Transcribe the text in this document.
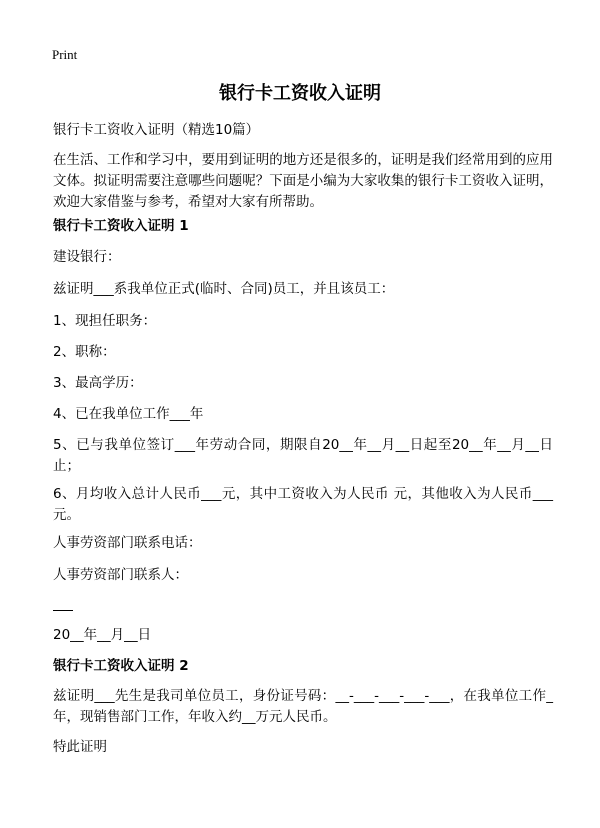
Print
银行卡工资收入证明
银行卡工资收入证明（精选10篇）
在生活、工作和学习中，要用到证明的地方还是很多的，证明是我们经常用到的应用文体。拟证明需要注意哪些问题呢？下面是小编为大家收集的银行卡工资收入证明，欢迎大家借鉴与参考，希望对大家有所帮助。
银行卡工资收入证明 1
建设银行：
兹证明___系我单位正式(临时、合同)员工，并且该员工：
1、现担任职务：
2、职称：
3、最高学历：
4、已在我单位工作___年
5、已与我单位签订___年劳动合同，期限自20__年__月__日起至20__年__月__日止；
6、月均收入总计人民币___元，其中工资收入为人民币 元，其他收入为人民币___元。
人事劳资部门联系电话：
人事劳资部门联系人：
20__年__月__日
银行卡工资收入证明 2
兹证明___先生是我司单位员工，身份证号码：__-___-___-___-___，在我单位工作_年，现销售部门工作，年收入约__万元人民币。
特此证明
